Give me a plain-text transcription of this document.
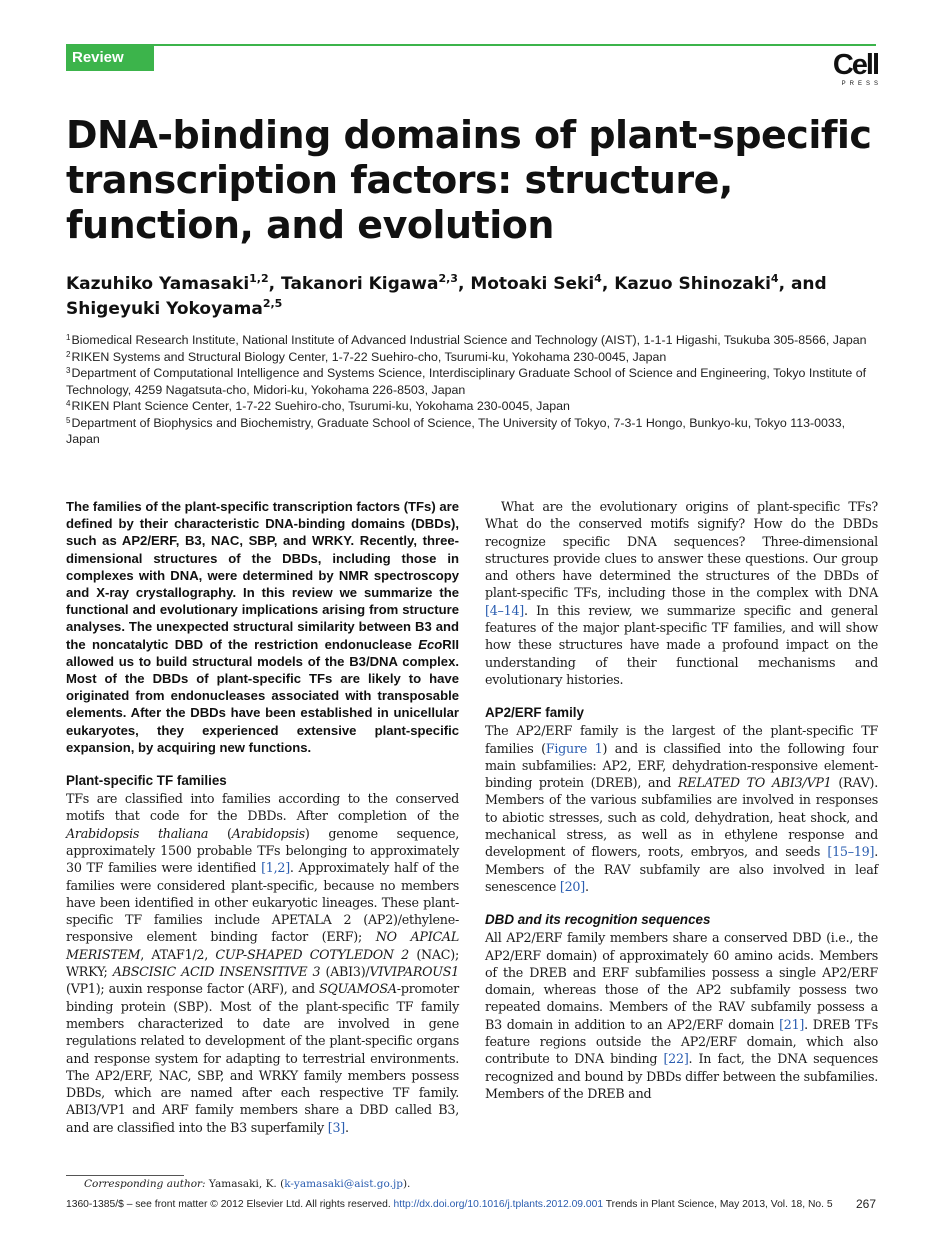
Review	Cell
PRESS
DNA-binding domains of plant-specific transcription factors: structure, function, and evolution

Kazuhiko Yamasaki$^{1,2}$, Takanori Kigawa$^{2,3}$, Motoaki Seki$^4$, Kazuo Shinozaki$^4$, and
Shigeyuki Yokoyama$^{2,5}$

$^1$Biomedical Research Institute, National Institute of Advanced Industrial Science and Technology (AIST), 1-1-1 Higashi, Tsukuba 305-8566, Japan
$^2$RIKEN Systems and Structural Biology Center, 1-7-22 Suehiro-cho, Tsurumi-ku, Yokohama 230-0045, Japan
$^3$Department of Computational Intelligence and Systems Science, Interdisciplinary Graduate School of Science and Engineering, Tokyo Institute of Technology, 4259 Nagatsuta-cho, Midori-ku, Yokohama 226-8503, Japan
$^4$RIKEN Plant Science Center, 1-7-22 Suehiro-cho, Tsurumi-ku, Yokohama 230-0045, Japan
$^5$Department of Biophysics and Biochemistry, Graduate School of Science, The University of Tokyo, 7-3-1 Hongo, Bunkyo-ku, Tokyo 113-0033, Japan

The families of the plant-specific transcription factors (TFs) are defined by their characteristic DNA-binding domains (DBDs), such as AP2/ERF, B3, NAC, SBP, and WRKY. Recently, three-dimensional structures of the DBDs, including those in complexes with DNA, were determined by NMR spectroscopy and X-ray crystallography. In this review we summarize the functional and evolutionary implications arising from structure analyses. The unexpected structural similarity between B3 and the noncatalytic DBD of the restriction endonuclease EcoRII allowed us to build structural models of the B3/DNA complex. Most of the DBDs of plant-specific TFs are likely to have originated from endonucleases associated with transposable elements. After the DBDs have been established in unicellular eukaryotes, they experienced extensive plant-specific expansion, by acquiring new functions.

Plant-specific TF families

TFs are classified into families according to the conserved motifs that code for the DBDs. After completion of the Arabidopsis thaliana (Arabidopsis) genome sequence, approximately 1500 probable TFs belonging to approximately 30 TF families were identified [1,2]. Approximately half of the families were considered plant-specific, because no members have been identified in other eukaryotic lineages. These plant-specific TF families include APETALA 2 (AP2)/ethylene-responsive element binding factor (ERF); NO APICAL MERISTEM, ATAF1/2, CUP-SHAPED COTYLEDON 2 (NAC); WRKY; ABSCISIC ACID INSENSITIVE 3 (ABI3)/VIVIPAROUS1 (VP1); auxin response factor (ARF), and SQUAMOSA-promoter binding protein (SBP). Most of the plant-specific TF family members characterized to date are involved in gene regulations related to development of the plant-specific organs and response system for adapting to terrestrial environments. The AP2/ERF, NAC, SBP, and WRKY family members possess DBDs, which are named after each respective TF family. ABI3/VP1 and ARF family members share a DBD called B3, and are classified into the B3 superfamily [3].

What are the evolutionary origins of plant-specific TFs? What do the conserved motifs signify? How do the DBDs recognize specific DNA sequences? Three-dimensional structures provide clues to answer these questions. Our group and others have determined the structures of the DBDs of plant-specific TFs, including those in the complex with DNA [4–14]. In this review, we summarize specific and general features of the major plant-specific TF families, and will show how these structures have made a profound impact on the understanding of their functional mechanisms and evolutionary histories.

AP2/ERF family

The AP2/ERF family is the largest of the plant-specific TF families (Figure 1) and is classified into the following four main subfamilies: AP2, ERF, dehydration-responsive element-binding protein (DREB), and RELATED TO ABI3/VP1 (RAV). Members of the various subfamilies are involved in responses to abiotic stresses, such as cold, dehydration, heat shock, and mechanical stress, as well as in ethylene response and development of flowers, roots, embryos, and seeds [15–19]. Members of the RAV subfamily are also involved in leaf senescence [20].

DBD and its recognition sequences

All AP2/ERF family members share a conserved DBD (i.e., the AP2/ERF domain) of approximately 60 amino acids. Members of the DREB and ERF subfamilies possess a single AP2/ERF domain, whereas those of the AP2 subfamily possess two repeated domains. Members of the RAV subfamily possess a B3 domain in addition to an AP2/ERF domain [21]. DREB TFs feature regions outside the AP2/ERF domain, which also contribute to DNA binding [22]. In fact, the DNA sequences recognized and bound by DBDs differ between the subfamilies. Members of the DREB and

Corresponding author: Yamasaki, K. (k-yamasaki@aist.go.jp).
1360-1385/$ – see front matter © 2012 Elsevier Ltd. All rights reserved. http://dx.doi.org/10.1016/j.tplants.2012.09.001 Trends in Plant Science, May 2013, Vol. 18, No. 5	267
